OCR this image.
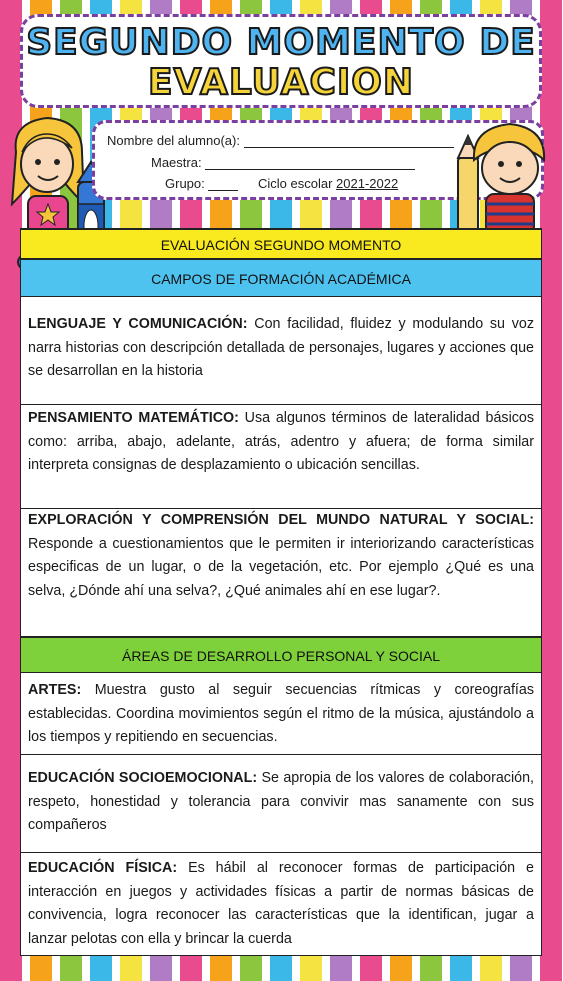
SEGUNDO MOMENTO DE
EVALUACION
Nombre del alumno(a):
Maestra:
Grupo:	Ciclo escolar 2021-2022
EVALUACIÓN SEGUNDO MOMENTO
CAMPOS DE FORMACIÓN ACADÉMICA
LENGUAJE Y COMUNICACIÓN: Con facilidad, fluidez y modulando su voz narra historias con descripción detallada de personajes, lugares y acciones que se desarrollan en la historia
PENSAMIENTO MATEMÁTICO: Usa algunos términos de lateralidad básicos como: arriba, abajo, adelante, atrás, adentro y afuera; de forma similar interpreta consignas de desplazamiento o ubicación sencillas.
EXPLORACIÓN Y COMPRENSIÓN DEL MUNDO NATURAL Y SOCIAL: Responde a cuestionamientos que le permiten ir interiorizando características especificas de un lugar, o de la vegetación, etc. Por ejemplo ¿Qué es una selva, ¿Dónde ahí una selva?, ¿Qué animales ahí en ese lugar?.
ÁREAS DE DESARROLLO PERSONAL Y SOCIAL
ARTES: Muestra gusto al seguir secuencias rítmicas y coreografías establecidas. Coordina movimientos según el ritmo de la música, ajustándolo a los tiempos y repitiendo en secuencias.
EDUCACIÓN SOCIOEMOCIONAL: Se apropia de los valores de colaboración, respeto, honestidad y tolerancia para convivir mas sanamente con sus compañeros
EDUCACIÓN FÍSICA: Es hábil al reconocer formas de participación e interacción en juegos y actividades físicas a partir de normas básicas de convivencia, logra reconocer las características que la identifican, jugar a lanzar pelotas con ella y brincar la cuerda
